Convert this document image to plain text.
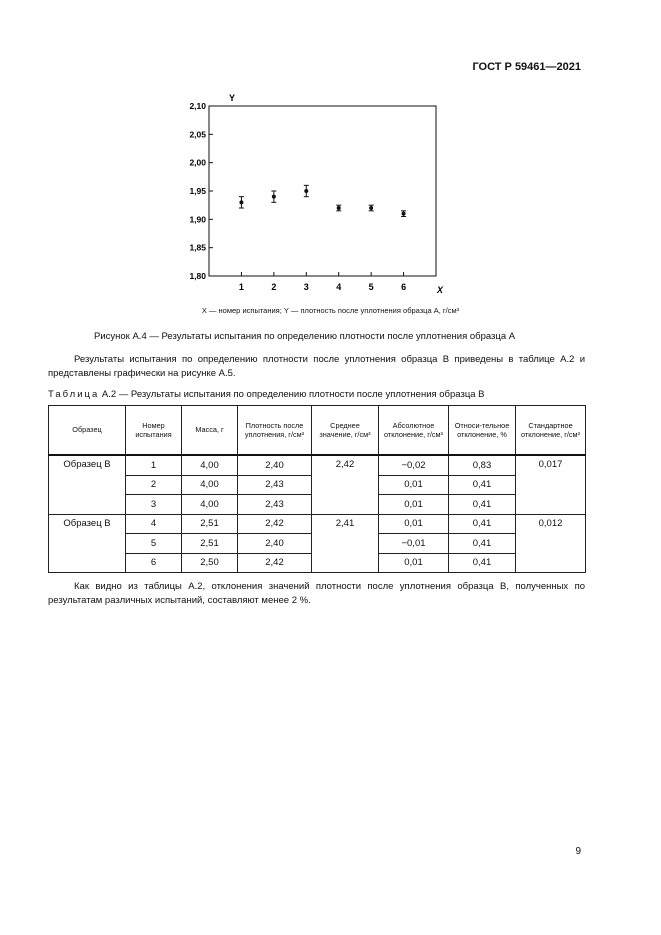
ГОСТ Р 59461—2021
1,80
1,85
1,90
1,95
2,00
2,05
2,10
1	2	3	4	5	6
Y
X
X — номер испытания; Y — плотность после уплотнения образца А, г/см³
Рисунок А.4 — Результаты испытания по определению плотности после уплотнения образца А
Результаты испытания по определению плотности после уплотнения образца В приведены в таблице А.2 и представлены графически на рисунке А.5.
Таблица А.2 — Результаты испытания по определению плотности после уплотнения образца В
Образец	Номер испытания	Масса, г	Плотность после уплотнения, г/см³	Среднее значение, г/см³	Абсолютное отклонение, г/см³	Относи-тельное отклонение, %	Стандартное отклонение, г/см³
Образец В	1	4,00	2,40	2,42	−0,02	0,83	0,017
	2	4,00	2,43		0,01	0,41	
	3	4,00	2,43		0,01	0,41	
Образец В	4	2,51	2,42	2,41	0,01	0,41	0,012
	5	2,51	2,40		−0,01	0,41	
	6	2,50	2,42		0,01	0,41	
Как видно из таблицы А.2, отклонения значений плотности после уплотнения образца В, полученных по результатам различных испытаний, составляют менее 2 %.
9
